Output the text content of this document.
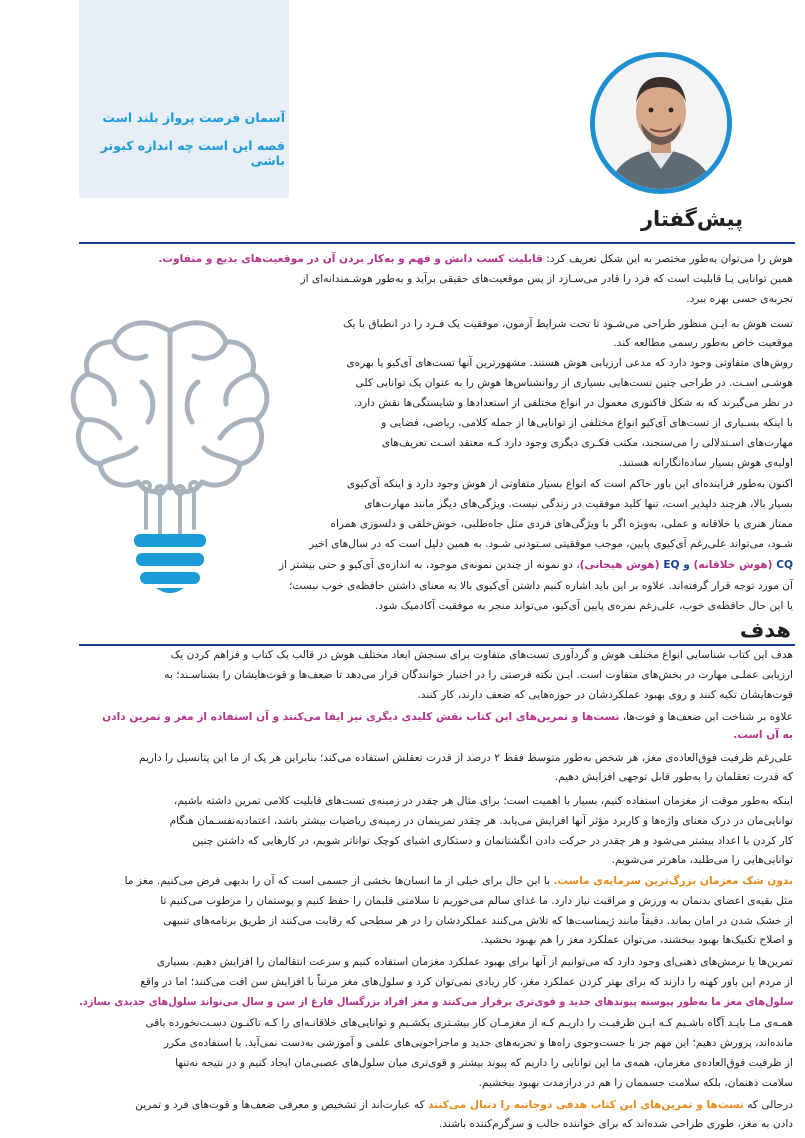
آسمان فرصت پرواز بلند است
قصه این است چه اندازه کبوتر باشی
پیش‌گفتار
هوش را می‌توان به‌طور مختصر به این شکل تعریف کرد: قابلیت کسب دانش و فهم و به‌کار بردن آن در موقعیت‌های بدیع و متفاوت.
همین توانایی یـا قابلیت است که فرد را قادر می‌سـازد از پس موقعیت‌های حقیقی برآید و به‌طور هوشـمندانه‌ای از
تجربه‌ی حسی بهره ببرد.
تست هوش به ایـن منظور طراحی می‌شـود تا تحت شرایط آزمون، موفقیت یک فـرد را در انطباق با یک
موقعیت خاص به‌طور رسمی مطالعه کند.
روش‌های متفاوتی وجود دارد که مدعی ارزیابی هوش هستند. مشهورترین آنها تست‌های آی‌کیو یا بهره‌ی
هوشـی اسـت. در طراحی چنین تست‌هایی بسیاری از روانشناس‌ها هوش را به عنوان یک توانایی کلی
در نظر می‌گیرند که به شکل فاکتوری معمول در انواع مختلفی از استعدادها و شایستگی‌ها نقش دارد.
با اینکه بسـیاری از تست‌های آی‌کیو انواع مختلفی از توانایی‌ها از جمله کلامی، ریاضی، فضایی و
مهارت‌های اسـتدلالی را می‌سنجند، مکتب فکـری دیگری وجود دارد کـه معتقد اسـت تعریف‌های
اولیه‌ی هوش بسیار ساده‌انگارانه هستند.
اکنون به‌طور فزاینده‌ای این باور حاکم است که انواع بسیار متفاوتی از هوش وجود دارد و اینکه آی‌کیوی
بسیار بالا، هرچند دلپذیر است، تنها کلید موفقیت در زندگی نیست. ویژگی‌های دیگر مانند مهارت‌های
ممتاز هنری یا خلاقانه و عملی، به‌ویژه اگر با ویژگی‌های فردی مثل جاه‌طلبی، خوش‌خلقی و دلسوزی همراه
شـود، می‌تواند علی‌رغم آی‌کیوی پایین، موجب موفقیتی سـتودنی شـود. به همین دلیل است که در سال‌های اخیر
CQ (هوش خلاقانه) و EQ (هوش هیجانی)، دو نمونه از چندین نمونه‌ی موجود، به اندازه‌ی آی‌کیو و حتی بیشتر از
آن مورد توجه قرار گرفته‌اند. علاوه بر این باید اشاره کنیم داشتن آی‌کیوی بالا به معنای داشتن حافظه‌ی خوب نیست؛
یا این حال حافظه‌ی خوب، علی‌رغم نمره‌ی پایین آی‌کیو، می‌تواند منجر به موفقیت آکادمیک شود.
هدف
هدف این کتاب شناسایی انواع مختلف هوش و گردآوری تست‌های متفاوت برای سنجش ابعاد مختلف هوش در قالب یک کتاب و فراهم کردن یک
ارزیابی عملـی مهارت در بخش‌های متفاوت است. ایـن نکته فرصتی را در اختیار خوانندگان قرار می‌دهد تا ضعف‌ها و قوت‌هایشان را بشناسـند؛ به
قوت‌هایشان تکیه کنند و روی بهبود عملکردشان در حوزه‌هایی که ضعف دارند، کار کنند.
علاوه بر شناخت این ضعف‌ها و قوت‌ها، تست‌ها و تمرین‌های این کتاب نقش کلیدی دیگری نیز ایفا می‌کنند و آن استفاده از مغز و تمرین دادن
به آن است.
علی‌رغم ظرفیت فوق‌العاده‌ی مغز، هر شخص به‌طور متوسط فقط ۲ درصد از قدرت تعقلش استفاده می‌کند؛ بنابراین هر یک از ما این پتانسیل را داریم
که قدرت تعقلمان را به‌طور قابل توجهی افزایش دهیم.
اینکه به‌طور موقت از مغزمان استفاده کنیم، بسیار با اهمیت است؛ برای مثال هر چقدر در زمینه‌ی تست‌های قابلیت کلامی تمرین داشته باشیم،
توانایی‌مان در درک معنای واژه‌ها و کاربرد مؤثر آنها افزایش می‌یابد. هر چقدر تمرینمان در زمینه‌ی ریاضیات بیشتر باشد، اعتمادبه‌نفسـمان هنگام
کار کردن با اعداد بیشتر می‌شود و هر چقدر در حرکت دادن انگشتانمان و دستکاری اشیای کوچک توانا‌تر شویم، در کارهایی که داشتن چنین
توانایی‌هایی را می‌طلبد، ماهرتر می‌شویم.
بدون شک مغزمان بزرگ‌ترین سرمایه‌ی ماست. با این حال برای خیلی از ما انسان‌ها بخشی از جسمی است که آن را بدیهی فرض می‌کنیم. مغز ما
مثل بقیه‌ی اعضای بدنمان به ورزش و مراقبت نیاز دارد. ما غذای سالم می‌خوریم تا سلامتی قلبمان را حفظ کنیم و پوستمان را مرطوب می‌کنیم تا
از خشک شدن در امان بماند. دقیقاً مانند ژیمناست‌ها که تلاش می‌کنند عملکردشان را در هر سطحی که رقابت می‌کنند از طریق برنامه‌های تنبیهی
و اصلاح تکنیک‌ها بهبود ببخشند، می‌توان عملکرد مغز را هم بهبود بخشید.
تمرین‌ها یا نرمش‌های ذهنی‌ای وجود دارد که می‌توانیم از آنها برای بهبود عملکرد مغزمان استفاده کنیم و سرعت انتقالمان را افزایش دهیم. بسیاری
از مردم این باور کهنه را دارند که برای بهتر کردن عملکرد مغز، کار زیادی نمی‌توان کرد و سلول‌های مغز مرتباً با افزایش سن افت می‌کنند؛ اما در واقع
سلول‌های مغز ما به‌طور پیوسته پیوندهای جدید و قوی‌تری برقرار می‌کنند و مغز افراد بزرگسال فارغ از سن و سال می‌تواند سلول‌های جدیدی بسازد.
همـه‌ی مـا بایـد آگاه باشـیم کـه ایـن ظرفیـت را داریـم کـه از مغزمـان کار بیشـتری بکشـیم و توانایی‌های خلاقانـه‌ای را کـه تاکنـون دسـت‌نخورده باقی
مانده‌اند، پرورش دهیم؛ این مهم جز با جست‌وجوی راه‌ها و تجربه‌های جدید و ماجراجویی‌های علمی و آموزشی به‌دست نمی‌آید. با استفاده‌ی مکرر
از ظرفیت فوق‌العاده‌ی مغزمان، همه‌ی ما این توانایی را داریم که پیوند بیشتر و قوی‌تری میان سلول‌های عصبی‌مان ایجاد کنیم و در نتیجه نه‌تنها
سلامت ذهنمان، بلکه سلامت جسممان را هم در درازمدت بهبود ببخشیم.
درحالی که تست‌ها و تمرین‌های این کتاب هدفی دوجانبه را دنبال می‌کنند که عبارت‌اند از تشخیص و معرفی ضعف‌ها و قوت‌های فرد و تمرین
دادن به مغز، طوری طراحی شده‌اند که برای خواننده جالب و سرگرم‌کننده باشند.
